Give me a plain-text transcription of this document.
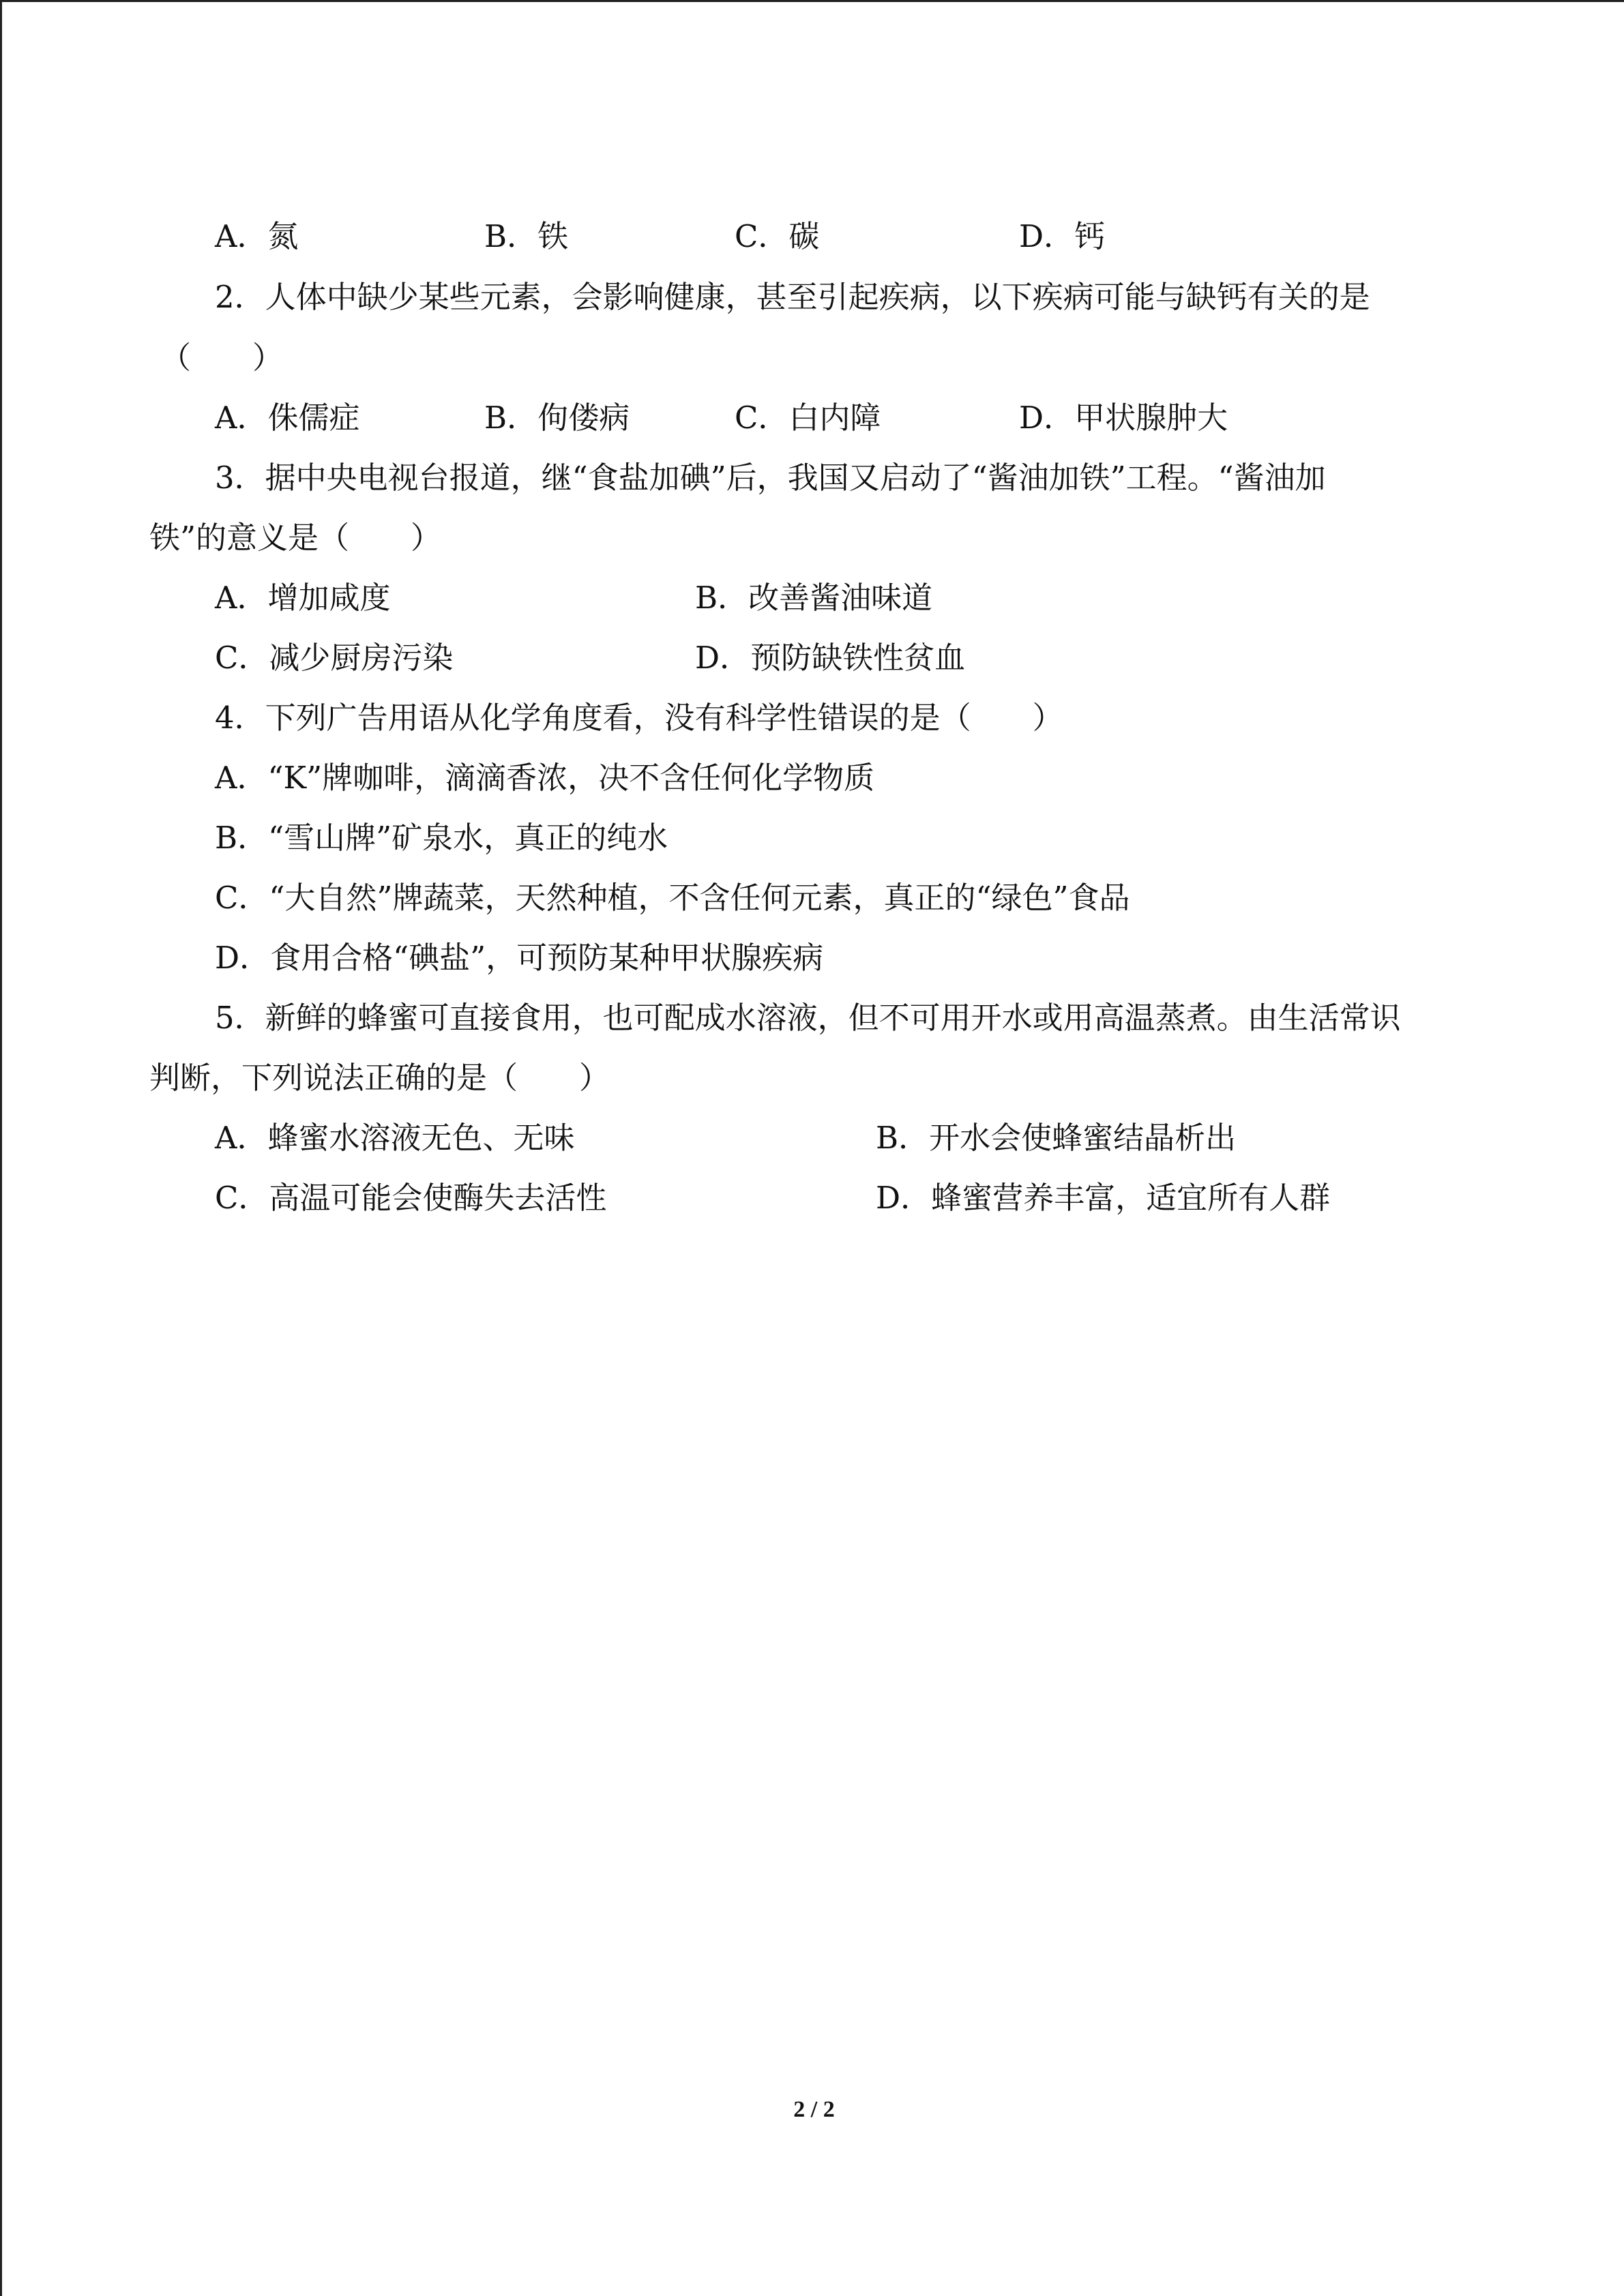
A．氮	B．铁	C．碳	D．钙
2．人体中缺少某些元素，会影响健康，甚至引起疾病，以下疾病可能与缺钙有关的是
（　　）
A．侏儒症	B．佝偻病	C．白内障	D．甲状腺肿大
3．据中央电视台报道，继“食盐加碘”后，我国又启动了“酱油加铁”工程。“酱油加
铁”的意义是（　　）
A．增加咸度	B．改善酱油味道
C．减少厨房污染	D．预防缺铁性贫血
4．下列广告用语从化学角度看，没有科学性错误的是（　　）
A．“K”牌咖啡，滴滴香浓，决不含任何化学物质
B．“雪山牌”矿泉水，真正的纯水
C．“大自然”牌蔬菜，天然种植，不含任何元素，真正的“绿色”食品
D．食用合格“碘盐”，可预防某种甲状腺疾病
5．新鲜的蜂蜜可直接食用，也可配成水溶液，但不可用开水或用高温蒸煮。由生活常识
判断，下列说法正确的是（　　）
A．蜂蜜水溶液无色、无味	B．开水会使蜂蜜结晶析出
C．高温可能会使酶失去活性	D．蜂蜜营养丰富，适宜所有人群
2 / 2
